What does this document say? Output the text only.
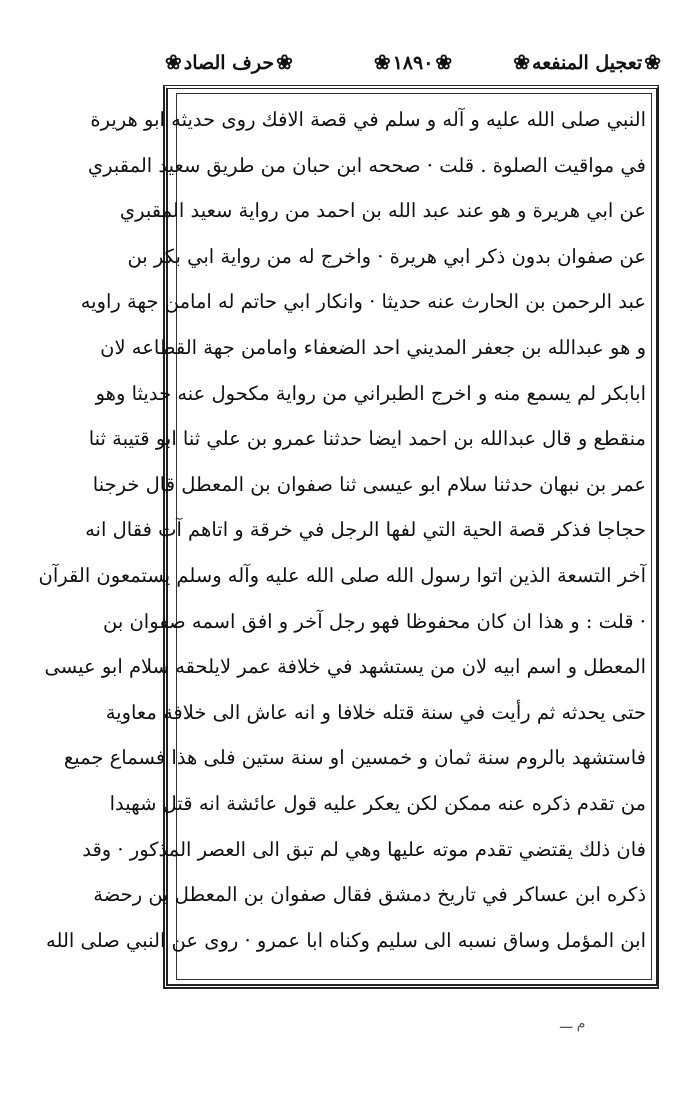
❀تعجيل المنفعه❀
❀١٨٩٠❀
❀حرف الصاد❀
النبي صلى الله عليه و آله و سلم في قصة الافك روى حديثه ابو هريرة
في مواقيت الصلوة . قلت · صححه ابن حبان من طريق سعيد المقبري
عن ابي هريرة و هو عند عبد الله بن احمد من رواية سعيد المقبري
عن صفوان بدون ذكر ابي هريرة · واخرج له من رواية ابي بكر بن
عبد الرحمن بن الحارث عنه حدیثا · وانكار ابي حاتم له امامن جهة راويه
و هو عبدالله بن جعفر المديني احد الضعفاء وامامن جهة القطاعه لان
ابابكر لم يسمع منه و اخرج الطبراني من رواية مكحول عنه حديثا وهو
منقطع و قال عبدالله بن احمد ايضا حدثنا عمرو بن علي ثنا ابو قتيبة ثنا
عمر بن نبهان حدثنا سلام ابو عيسى ثنا صفوان بن المعطل قال خرجنا
حجاجا فذكر قصة الحية التي لفها الرجل في خرقة و اتاهم آت فقال انه
آخر التسعة الذين اتوا رسول الله صلى الله عليه وآله وسلم يستمعون القرآن
· قلت : و هذا ان كان محفوظا فهو رجل آخر و افق اسمه صفوان بن
المعطل و اسم ابيه لان من يستشهد في خلافة عمر لايلحقه سلام ابو عيسى
حتى يحدثه ثم رأيت في سنة قتله خلافا و انه عاش الى خلافة معاوية
فاستشهد بالروم سنة ثمان و خمسين او سنة ستين فلى هذا فسماع جميع
من تقدم ذكره عنه ممكن لكن يعكر عليه قول عائشة انه قتل شهيدا
فان ذلك يقتضي تقدم موته عليها وهي لم تبق الى العصر المذكور · وقد
ذكره ابن عساكر في تاريخ دمشق فقال صفوان بن المعطل بن رحضة
ابن المؤمل وساق نسبه الى سليم وكناه ابا عمرو · روى عن النبي صلى الله
م ـــ
